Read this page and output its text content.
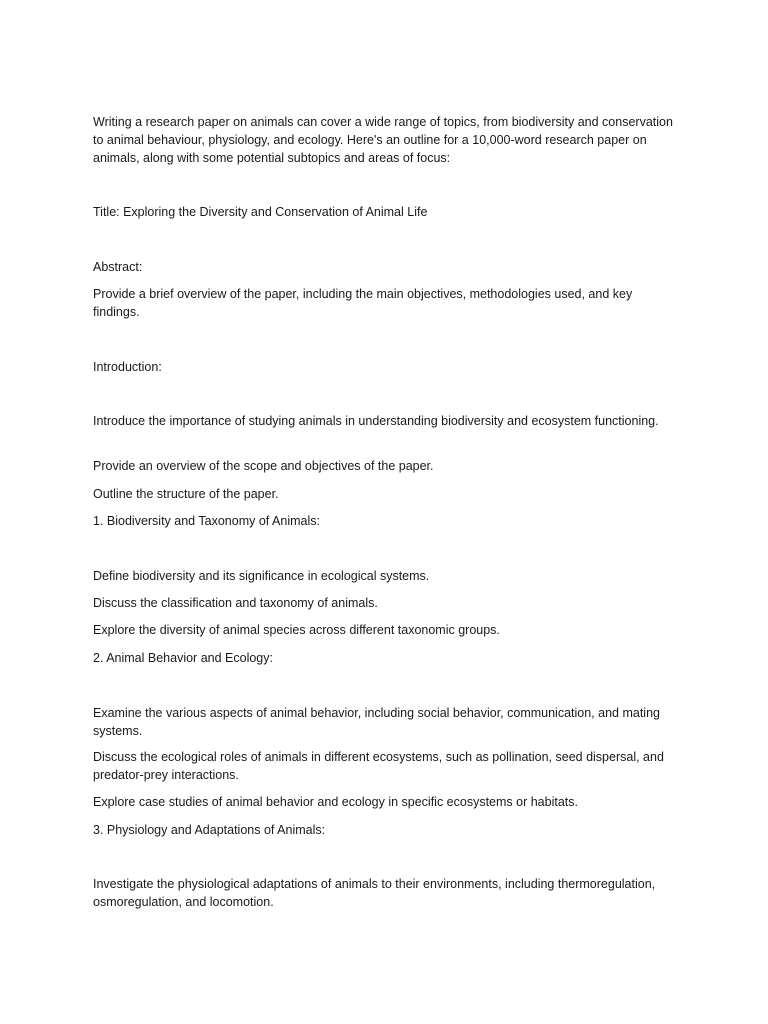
Writing a research paper on animals can cover a wide range of topics, from biodiversity and conservation to animal behaviour, physiology, and ecology. Here's an outline for a 10,000-word research paper on animals, along with some potential subtopics and areas of focus:

Title: Exploring the Diversity and Conservation of Animal Life

Abstract:

Provide a brief overview of the paper, including the main objectives, methodologies used, and key findings.

Introduction:

Introduce the importance of studying animals in understanding biodiversity and ecosystem functioning.

Provide an overview of the scope and objectives of the paper.

Outline the structure of the paper.

1. Biodiversity and Taxonomy of Animals:

Define biodiversity and its significance in ecological systems.

Discuss the classification and taxonomy of animals.

Explore the diversity of animal species across different taxonomic groups.

2. Animal Behavior and Ecology:

Examine the various aspects of animal behavior, including social behavior, communication, and mating systems.

Discuss the ecological roles of animals in different ecosystems, such as pollination, seed dispersal, and predator-prey interactions.

Explore case studies of animal behavior and ecology in specific ecosystems or habitats.

3. Physiology and Adaptations of Animals:

Investigate the physiological adaptations of animals to their environments, including thermoregulation, osmoregulation, and locomotion.
